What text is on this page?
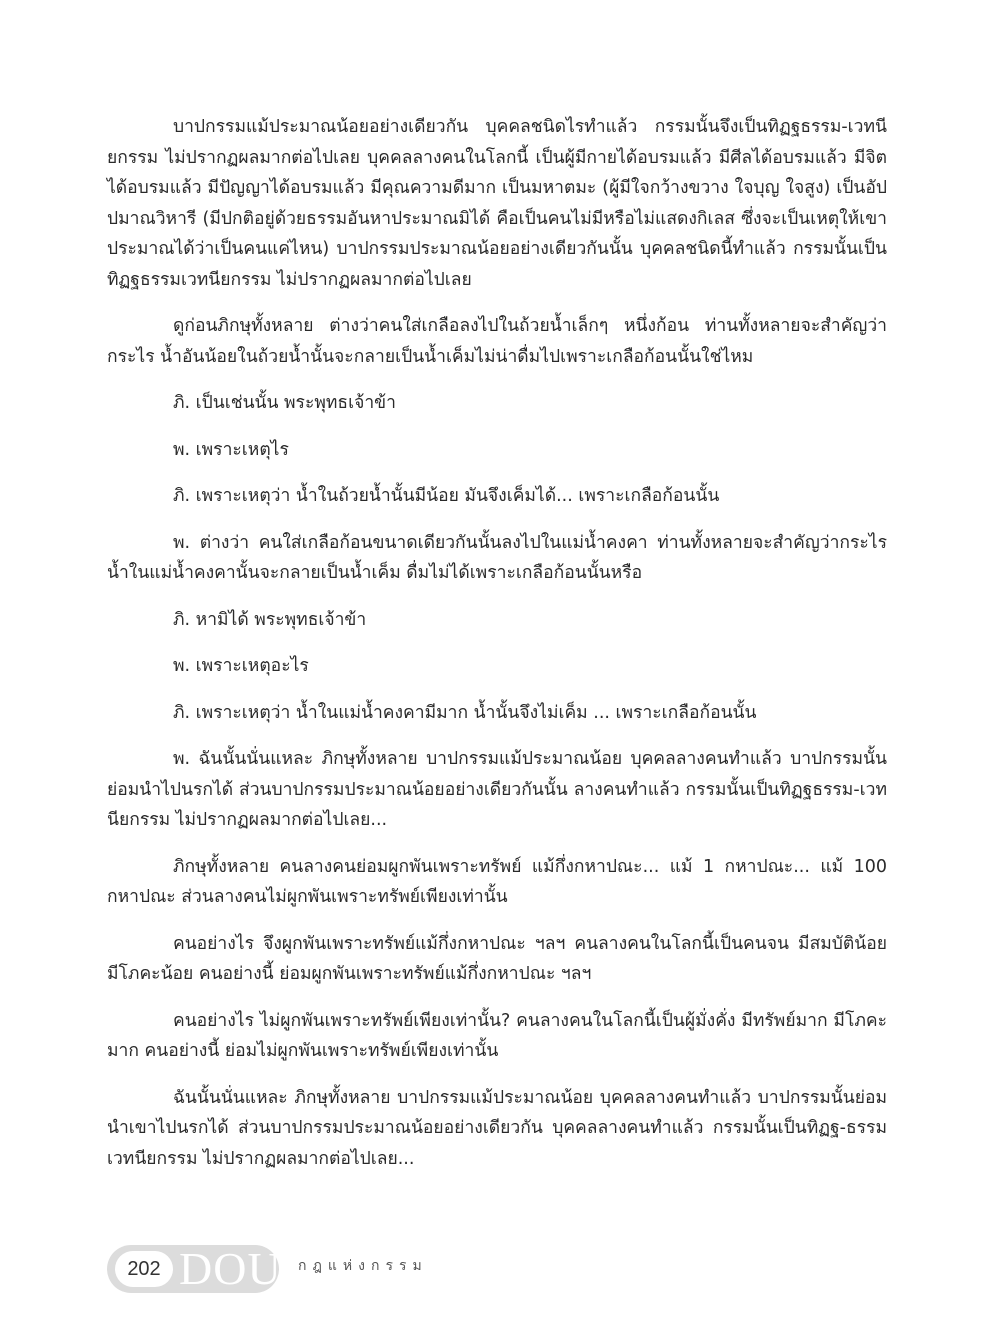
บาปกรรมแม้ประมาณน้อยอย่างเดียวกัน บุคคลชนิดไรทำแล้ว กรรมนั้นจึงเป็นทิฏฐธรรม-เวทนียกรรม ไม่ปรากฏผลมากต่อไปเลย บุคคลลางคนในโลกนี้ เป็นผู้มีกายได้อบรมแล้ว มีศีลได้อบรมแล้ว มีจิตได้อบรมแล้ว มีปัญญาได้อบรมแล้ว มีคุณความดีมาก เป็นมหาตมะ (ผู้มีใจกว้างขวาง ใจบุญ ใจสูง) เป็นอัปปมาณวิหารี (มีปกติอยู่ด้วยธรรมอันหาประมาณมิได้ คือเป็นคนไม่มีหรือไม่แสดงกิเลส ซึ่งจะเป็นเหตุให้เขาประมาณได้ว่าเป็นคนแค่ไหน) บาปกรรมประมาณน้อยอย่างเดียวกันนั้น บุคคลชนิดนี้ทำแล้ว กรรมนั้นเป็นทิฏฐธรรมเวทนียกรรม ไม่ปรากฏผลมากต่อไปเลย

ดูก่อนภิกษุทั้งหลาย ต่างว่าคนใส่เกลือลงไปในถ้วยน้ำเล็กๆ หนึ่งก้อน ท่านทั้งหลายจะสำคัญว่ากระไร น้ำอันน้อยในถ้วยน้ำนั้นจะกลายเป็นน้ำเค็มไม่น่าดื่มไปเพราะเกลือก้อนนั้นใช่ไหม

ภิ. เป็นเช่นนั้น พระพุทธเจ้าข้า

พ. เพราะเหตุไร

ภิ. เพราะเหตุว่า น้ำในถ้วยน้ำนั้นมีน้อย มันจึงเค็มได้... เพราะเกลือก้อนนั้น

พ. ต่างว่า คนใส่เกลือก้อนขนาดเดียวกันนั้นลงไปในแม่น้ำคงคา ท่านทั้งหลายจะสำคัญว่ากระไร น้ำในแม่น้ำคงคานั้นจะกลายเป็นน้ำเค็ม ดื่มไม่ได้เพราะเกลือก้อนนั้นหรือ

ภิ. หามิได้ พระพุทธเจ้าข้า

พ. เพราะเหตุอะไร

ภิ. เพราะเหตุว่า น้ำในแม่น้ำคงคามีมาก น้ำนั้นจึงไม่เค็ม ... เพราะเกลือก้อนนั้น

พ. ฉันนั้นนั่นแหละ ภิกษุทั้งหลาย บาปกรรมแม้ประมาณน้อย บุคคลลางคนทำแล้ว บาปกรรมนั้นย่อมนำไปนรกได้ ส่วนบาปกรรมประมาณน้อยอย่างเดียวกันนั้น ลางคนทำแล้ว กรรมนั้นเป็นทิฏฐธรรม-เวทนียกรรม ไม่ปรากฏผลมากต่อไปเลย...

ภิกษุทั้งหลาย คนลางคนย่อมผูกพันเพราะทรัพย์ แม้กึ่งกหาปณะ... แม้ 1 กหาปณะ... แม้ 100 กหาปณะ ส่วนลางคนไม่ผูกพันเพราะทรัพย์เพียงเท่านั้น

คนอย่างไร จึงผูกพันเพราะทรัพย์แม้กึ่งกหาปณะ ฯลฯ คนลางคนในโลกนี้เป็นคนจน มีสมบัติน้อย มีโภคะน้อย คนอย่างนี้ ย่อมผูกพันเพราะทรัพย์แม้กึ่งกหาปณะ ฯลฯ

คนอย่างไร ไม่ผูกพันเพราะทรัพย์เพียงเท่านั้น? คนลางคนในโลกนี้เป็นผู้มั่งคั่ง มีทรัพย์มาก มีโภคะมาก คนอย่างนี้ ย่อมไม่ผูกพันเพราะทรัพย์เพียงเท่านั้น

ฉันนั้นนั่นแหละ ภิกษุทั้งหลาย บาปกรรมแม้ประมาณน้อย บุคคลลางคนทำแล้ว บาปกรรมนั้นย่อมนำเขาไปนรกได้ ส่วนบาปกรรมประมาณน้อยอย่างเดียวกัน บุคคลลางคนทำแล้ว กรรมนั้นเป็นทิฏฐ-ธรรมเวทนียกรรม ไม่ปรากฏผลมากต่อไปเลย...

202 DOU กฎแห่งกรรม
